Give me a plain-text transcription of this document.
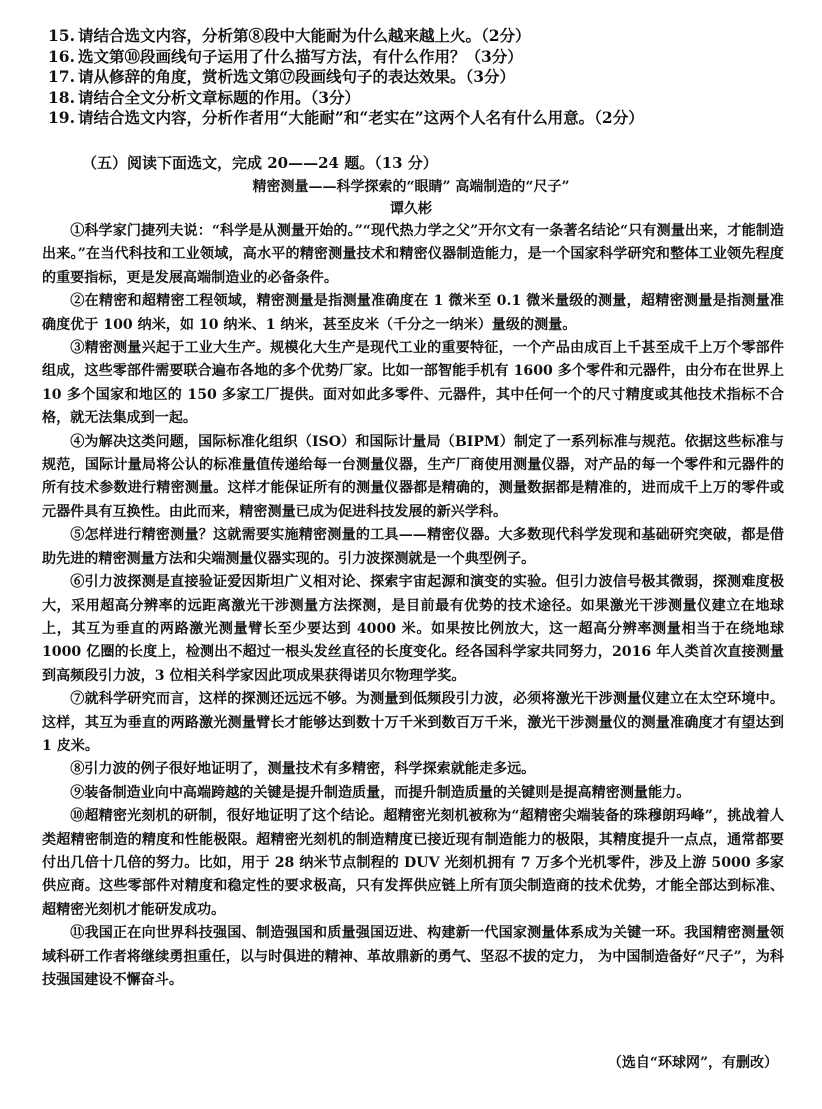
15. 请结合选文内容，分析第⑧段中大能耐为什么越来越上火。（2分）
16. 选文第⑩段画线句子运用了什么描写方法，有什么作用？（3分）
17. 请从修辞的角度，赏析选文第⑰段画线句子的表达效果。（3分）
18. 请结合全文分析文章标题的作用。（3分）
19. 请结合选文内容，分析作者用“大能耐”和“老实在”这两个人名有什么用意。（2分）
（五）阅读下面选文，完成 20——24 题。（13 分）
精密测量——科学探索的“眼睛” 高端制造的“尺子”
谭久彬

①科学家门捷列夫说：“科学是从测量开始的。”“现代热力学之父”开尔文有一条著名结论“只有测量出来，才能制造出来。”在当代科技和工业领域，高水平的精密测量技术和精密仪器制造能力，是一个国家科学研究和整体工业领先程度的重要指标，更是发展高端制造业的必备条件。

②在精密和超精密工程领域，精密测量是指测量准确度在 1 微米至 0.1 微米量级的测量，超精密测量是指测量准确度优于 100 纳米，如 10 纳米、1 纳米，甚至皮米（千分之一纳米）量级的测量。

③精密测量兴起于工业大生产。规模化大生产是现代工业的重要特征，一个产品由成百上千甚至成千上万个零部件组成，这些零部件需要联合遍布各地的多个优势厂家。比如一部智能手机有 1600 多个零件和元器件，由分布在世界上 10 多个国家和地区的 150 多家工厂提供。面对如此多零件、元器件，其中任何一个的尺寸精度或其他技术指标不合格，就无法集成到一起。

④为解决这类问题，国际标准化组织（ISO）和国际计量局（BIPM）制定了一系列标准与规范。依据这些标准与规范，国际计量局将公认的标准量值传递给每一台测量仪器，生产厂商使用测量仪器，对产品的每一个零件和元器件的所有技术参数进行精密测量。这样才能保证所有的测量仪器都是精确的，测量数据都是精准的，进而成千上万的零件或元器件具有互换性。由此而来，精密测量已成为促进科技发展的新兴学科。

⑤怎样进行精密测量？这就需要实施精密测量的工具——精密仪器。大多数现代科学发现和基础研究突破，都是借助先进的精密测量方法和尖端测量仪器实现的。引力波探测就是一个典型例子。

⑥引力波探测是直接验证爱因斯坦广义相对论、探索宇宙起源和演变的实验。但引力波信号极其微弱，探测难度极大，采用超高分辨率的远距离激光干涉测量方法探测，是目前最有优势的技术途径。如果激光干涉测量仪建立在地球上，其互为垂直的两路激光测量臂长至少要达到 4000 米。如果按比例放大，这一超高分辨率测量相当于在绕地球 1000 亿圈的长度上，检测出不超过一根头发丝直径的长度变化。经各国科学家共同努力，2016 年人类首次直接测量到高频段引力波，3 位相关科学家因此项成果获得诺贝尔物理学奖。

⑦就科学研究而言，这样的探测还远远不够。为测量到低频段引力波，必须将激光干涉测量仪建立在太空环境中。这样，其互为垂直的两路激光测量臂长才能够达到数十万千米到数百万千米，激光干涉测量仪的测量准确度才有望达到 1 皮米。

⑧引力波的例子很好地证明了，测量技术有多精密，科学探索就能走多远。

⑨装备制造业向中高端跨越的关键是提升制造质量，而提升制造质量的关键则是提高精密测量能力。

⑩超精密光刻机的研制，很好地证明了这个结论。超精密光刻机被称为“超精密尖端装备的珠穆朗玛峰”，挑战着人类超精密制造的精度和性能极限。超精密光刻机的制造精度已接近现有制造能力的极限，其精度提升一点点，通常都要付出几倍十几倍的努力。比如，用于 28 纳米节点制程的 DUV 光刻机拥有 7 万多个光机零件，涉及上游 5000 多家供应商。这些零部件对精度和稳定性的要求极高，只有发挥供应链上所有顶尖制造商的技术优势，才能全部达到标准、超精密光刻机才能研发成功。

⑪我国正在向世界科技强国、制造强国和质量强国迈进、构建新一代国家测量体系成为关键一环。我国精密测量领域科研工作者将继续勇担重任，以与时俱进的精神、革故鼎新的勇气、坚忍不拔的定力， 为中国制造备好“尺子”，为科技强国建设不懈奋斗。

（选自“环球网”，有删改）
